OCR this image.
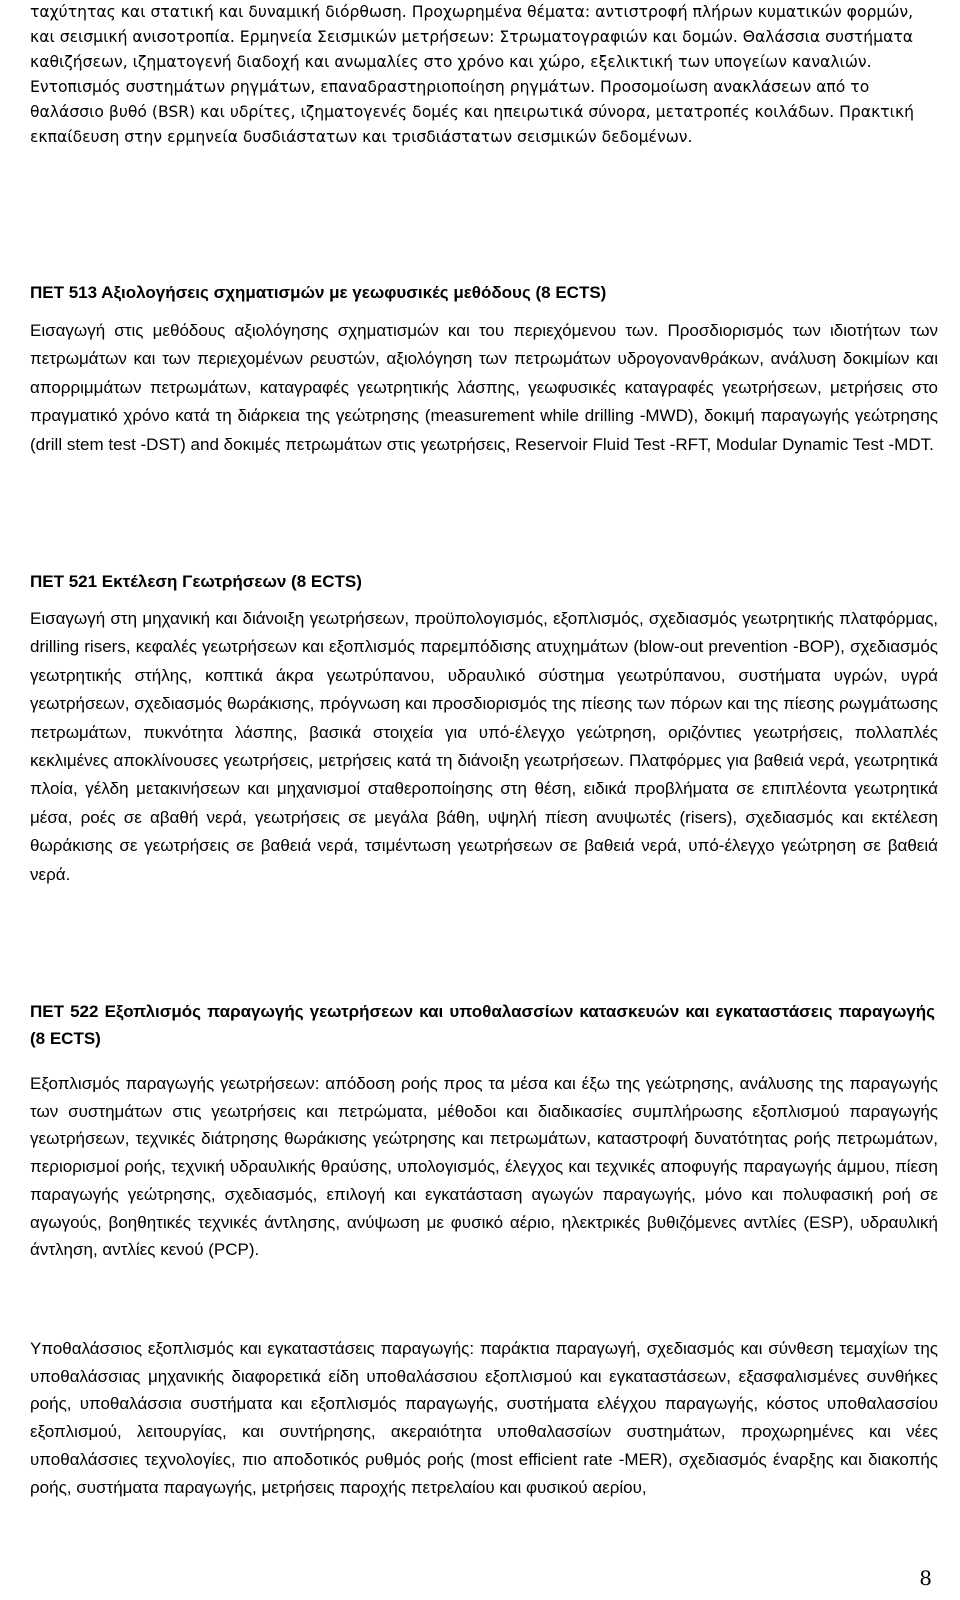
ταχύτητας και στατική και δυναμική διόρθωση. Προχωρημένα θέματα: αντιστροφή πλήρων κυματικών φορμών, και σεισμική ανισοτροπία. Ερμηνεία Σεισμικών μετρήσεων: Στρωματογραφιών και δομών. Θαλάσσια συστήματα καθιζήσεων, ιζηματογενή διαδοχή και ανωμαλίες στο χρόνο και χώρο, εξελικτική των υπογείων καναλιών. Εντοπισμός συστημάτων ρηγμάτων, επαναδραστηριοποίηση ρηγμάτων. Προσομοίωση ανακλάσεων από το θαλάσσιο βυθό (BSR) και υδρίτες, ιζηματογενές δομές και ηπειρωτικά σύνορα, μετατροπές κοιλάδων. Πρακτική εκπαίδευση στην ερμηνεία δυσδιάστατων και τρισδιάστατων σεισμικών δεδομένων.

ΠΕΤ 513 Αξιολογήσεις σχηματισμών με γεωφυσικές μεθόδους (8 ECTS)

Εισαγωγή στις μεθόδους αξιολόγησης σχηματισμών και του περιεχόμενου των. Προσδιορισμός των ιδιοτήτων των πετρωμάτων και των περιεχομένων ρευστών, αξιολόγηση των πετρωμάτων υδρογονανθράκων, ανάλυση δοκιμίων και απορριμμάτων πετρωμάτων, καταγραφές γεωτρητικής λάσπης, γεωφυσικές καταγραφές γεωτρήσεων, μετρήσεις στο πραγματικό χρόνο κατά τη διάρκεια της γεώτρησης (measurement while drilling -MWD), δοκιμή παραγωγής γεώτρησης (drill stem test -DST) and δοκιμές πετρωμάτων στις γεωτρήσεις, Reservoir Fluid Test -RFT, Modular Dynamic Test -MDT.

ΠΕΤ 521 Εκτέλεση Γεωτρήσεων (8 ECTS)

Εισαγωγή στη μηχανική και διάνοιξη γεωτρήσεων, προϋπολογισμός, εξοπλισμός, σχεδιασμός γεωτρητικής πλατφόρμας, drilling risers, κεφαλές γεωτρήσεων και εξοπλισμός παρεμπόδισης ατυχημάτων (blow-out prevention -BOP), σχεδιασμός γεωτρητικής στήλης, κοπτικά άκρα γεωτρύπανου, υδραυλικό σύστημα γεωτρύπανου, συστήματα υγρών, υγρά γεωτρήσεων, σχεδιασμός θωράκισης, πρόγνωση και προσδιορισμός της πίεσης των πόρων και της πίεσης ρωγμάτωσης πετρωμάτων, πυκνότητα λάσπης, βασικά στοιχεία για υπό-έλεγχο γεώτρηση, οριζόντιες γεωτρήσεις, πολλαπλές κεκλιμένες αποκλίνουσες γεωτρήσεις, μετρήσεις κατά τη διάνοιξη γεωτρήσεων. Πλατφόρμες για βαθειά νερά, γεωτρητικά πλοία, γέλδη μετακινήσεων και μηχανισμοί σταθεροποίησης στη θέση, ειδικά προβλήματα σε επιπλέοντα γεωτρητικά μέσα, ροές σε αβαθή νερά, γεωτρήσεις σε μεγάλα βάθη, υψηλή πίεση ανυψωτές (risers), σχεδιασμός και εκτέλεση θωράκισης σε γεωτρήσεις σε βαθειά νερά, τσιμέντωση γεωτρήσεων σε βαθειά νερά, υπό-έλεγχο γεώτρηση σε βαθειά νερά.

ΠΕΤ 522 Εξοπλισμός παραγωγής γεωτρήσεων και υποθαλασσίων κατασκευών και εγκαταστάσεις παραγωγής (8 ECTS)

Εξοπλισμός παραγωγής γεωτρήσεων: απόδοση ροής προς τα μέσα και έξω της γεώτρησης, ανάλυσης της παραγωγής των συστημάτων στις γεωτρήσεις και πετρώματα, μέθοδοι και διαδικασίες συμπλήρωσης εξοπλισμού παραγωγής γεωτρήσεων, τεχνικές διάτρησης θωράκισης γεώτρησης και πετρωμάτων, καταστροφή δυνατότητας ροής πετρωμάτων, περιορισμοί ροής, τεχνική υδραυλικής θραύσης, υπολογισμός, έλεγχος και τεχνικές αποφυγής παραγωγής άμμου, πίεση παραγωγής γεώτρησης, σχεδιασμός, επιλογή και εγκατάσταση αγωγών παραγωγής, μόνο και πολυφασική ροή σε αγωγούς, βοηθητικές τεχνικές άντλησης, ανύψωση με φυσικό αέριο, ηλεκτρικές βυθιζόμενες αντλίες (ESP), υδραυλική άντληση, αντλίες κενού (PCP).

Υποθαλάσσιος εξοπλισμός και εγκαταστάσεις παραγωγής: παράκτια παραγωγή, σχεδιασμός και σύνθεση τεμαχίων της υποθαλάσσιας μηχανικής διαφορετικά είδη υποθαλάσσιου εξοπλισμού και εγκαταστάσεων, εξασφαλισμένες συνθήκες ροής, υποθαλάσσια συστήματα και εξοπλισμός παραγωγής, συστήματα ελέγχου παραγωγής, κόστος υποθαλασσίου εξοπλισμού, λειτουργίας, και συντήρησης, ακεραιότητα υποθαλασσίων συστημάτων, προχωρημένες και νέες υποθαλάσσιες τεχνολογίες, πιο αποδοτικός ρυθμός ροής (most efficient rate -MER), σχεδιασμός έναρξης και διακοπής ροής, συστήματα παραγωγής, μετρήσεις παροχής πετρελαίου και φυσικού αερίου,

8
